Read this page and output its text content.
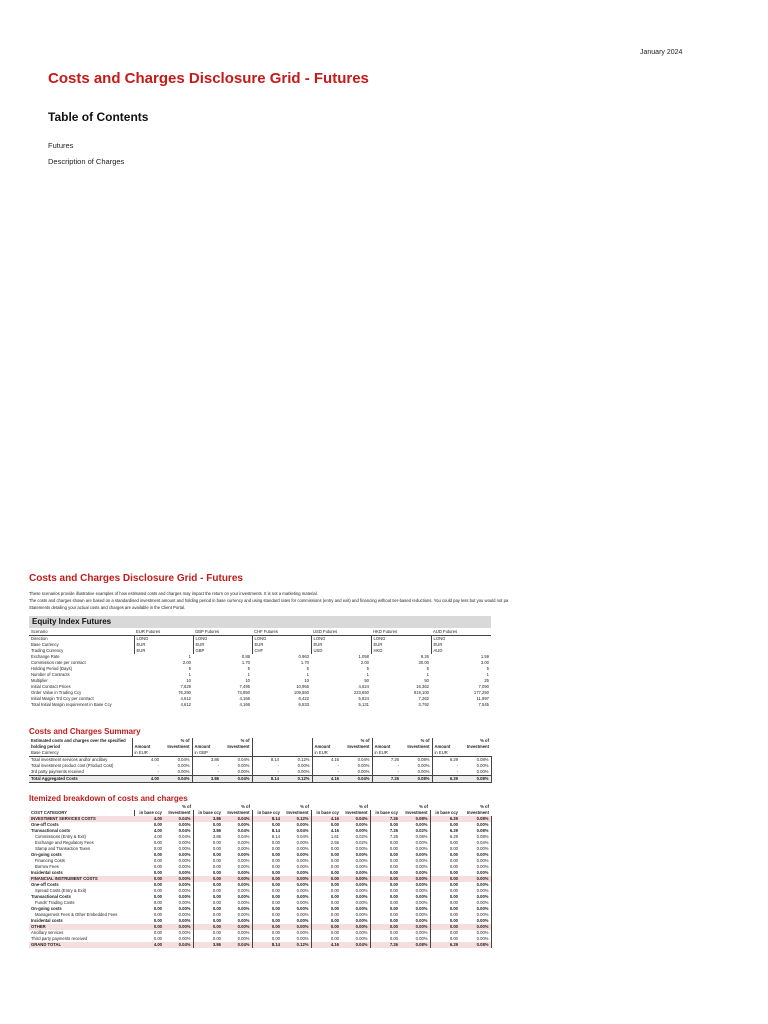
January 2024
Costs and Charges Disclosure Grid - Futures
Table of Contents
Futures
Description of Charges
Costs and Charges Disclosure Grid - Futures
These scenarios provide illustrative examples of how estimated costs and charges may impact the return on your investments. It is not a marketing material.
The costs and charges shown are based on a standardised investment amount and holding period in base currency and using standard rates for commissions (entry and exit) and financing without tier-based reductions. You could pay less but you would not pa
Statements detailing your actual costs and charges are available in the Client Portal.
Equity Index Futures
Scenario	EUR Futures	GBP Futures	CHF Futures	USD Futures	HKD Futures	AUD Futures
Direction	LONG	LONG	LONG	LONG	LONG	LONG
Base Currency	EUR	EUR	EUR	EUR	EUR	EUR
Trading Currency	EUR	GBP	CHF	USD	HKD	AUD
Exchange Rate	1	0.88	0.963	1.058	8.26	1.59
Commission rate per contract	2.00	1.70	1.70	2.00	30.00	3.00
Holding Period (Days)	5	5	5	5	5	5
Number of Contracts	1	1	1	1	1	1
Multiplier	10	10	10	50	50	25
Initial Contract Prices	7,629	7,495	10,955	4,624	16,362	7,090
Order Value in Trading Ccy	76,290	74,950	109,550	223,650	819,100	177,250
Initial Margin Trd Ccy per contract	4,612	4,166	6,422	5,624	7,262	11,997
Total Initial Margin requirement in Base Ccy	4,612	4,166	6,533	5,131	3,792	7,545
Costs and Charges Summary
Estimated costs and charges over the specified holding period	Amount	% of Investment	Amount	% of Investment			Amount	% of Investment	Amount	% of Investment	Amount	% of Investment
Base Currency	in EUR		in GBP				in EUR		in EUR		in EUR	
Total investment services and/or ancillary	4.00	0.04%	3.86	0.04%	8.14	0.12%	4.16	0.04%	7.26	0.08%	6.29	0.08%
Total investment product cost (Product Cost)	-	0.00%	-	0.00%	-	0.00%	-	0.00%	-	0.00%	-	0.00%
3rd party payments received	-	0.00%	-	0.00%	-	0.00%	-	0.00%	-	0.00%	-	0.00%
Total Aggregated Costs	4.00	0.04%	3.86	0.04%	8.14	0.12%	4.16	0.04%	7.26	0.08%	6.29	0.08%
Itemized breakdown of costs and charges
		% of		% of		% of		% of		% of		% of
COST CATEGORY	in base ccy	Investment	in base ccy	Investment	in base ccy	Investment	in base ccy	Investment	in base ccy	Investment	in base ccy	Investment
INVESTMENT SERVICES COSTS	4.00	0.04%	3.86	0.04%	8.14	0.12%	4.16	0.04%	7.26	0.08%	6.29	0.08%
One-off Costs	0.00	0.00%	0.00	0.00%	0.00	0.00%	0.00	0.00%	0.00	0.00%	0.00	0.00%
Transactional costs	4.00	0.04%	3.86	0.04%	8.14	0.04%	4.16	0.00%	7.26	0.02%	6.29	0.08%
Commissions (Entry & Exit)	4.00	0.04%	3.86	0.04%	8.14	0.04%	1.61	0.02%	7.26	0.08%	6.29	0.08%
Exchange and Regulatory Fees	0.00	0.00%	0.00	0.00%	0.00	0.00%	2.55	0.02%	0.00	0.00%	0.00	0.04%
Stamp and Transaction Taxes	0.00	0.00%	0.00	0.00%	0.00	0.00%	0.00	0.00%	0.00	0.00%	0.00	0.00%
On-going costs	0.00	0.00%	0.00	0.00%	0.00	0.00%	0.00	0.00%	0.00	0.00%	0.00	0.00%
Financing Costs	0.00	0.00%	0.00	0.00%	0.00	0.00%	0.00	0.00%	0.00	0.00%	0.00	0.00%
Borrow Fees	0.00	0.00%	0.00	0.00%	0.00	0.00%	0.00	0.00%	0.00	0.00%	0.00	0.00%
Incidental costs	0.00	0.00%	0.00	0.00%	0.00	0.00%	0.00	0.00%	0.00	0.00%	0.00	0.00%

FINANCIAL INSTRUMENT COSTS	0.00	0.00%	0.00	0.00%	0.00	0.00%	0.00	0.00%	0.00	0.00%	0.00	0.00%
One-off Costs	0.00	0.00%	0.00	0.00%	0.00	0.00%	0.00	0.00%	0.00	0.00%	0.00	0.00%
Spread Costs (Entry & Exit)	0.00	0.00%	0.00	0.00%	0.00	0.00%	0.00	0.00%	0.00	0.00%	0.00	0.00%
Transactional Costs	0.00	0.00%	0.00	0.00%	0.00	0.00%	0.00	0.00%	0.00	0.00%	0.00	0.00%
Funds' Trading Costs	0.00	0.00%	0.00	0.00%	0.00	0.00%	0.00	0.00%	0.00	0.00%	0.00	0.00%
On-going costs	0.00	0.00%	0.00	0.00%	0.00	0.00%	0.00	0.00%	0.00	0.00%	0.00	0.00%
Management Fees & Other Embedded Fees	0.00	0.00%	0.00	0.00%	0.00	0.00%	0.00	0.00%	0.00	0.00%	0.00	0.00%
Incidental costs	0.00	0.00%	0.00	0.00%	0.00	0.00%	0.00	0.00%	0.00	0.00%	0.00	0.00%

OTHER	0.00	0.00%	0.00	0.00%	0.00	0.00%	0.00	0.00%	0.00	0.00%	0.00	0.00%
Ancillary services	0.00	0.00%	0.00	0.00%	0.00	0.00%	0.00	0.00%	0.00	0.00%	0.00	0.00%
Third party payments received	0.00	0.00%	0.00	0.00%	0.00	0.00%	0.00	0.00%	0.00	0.00%	0.00	0.00%

GRAND TOTAL	4.00	0.04%	3.86	0.04%	8.14	0.12%	4.16	0.04%	7.26	0.08%	6.29	0.08%
